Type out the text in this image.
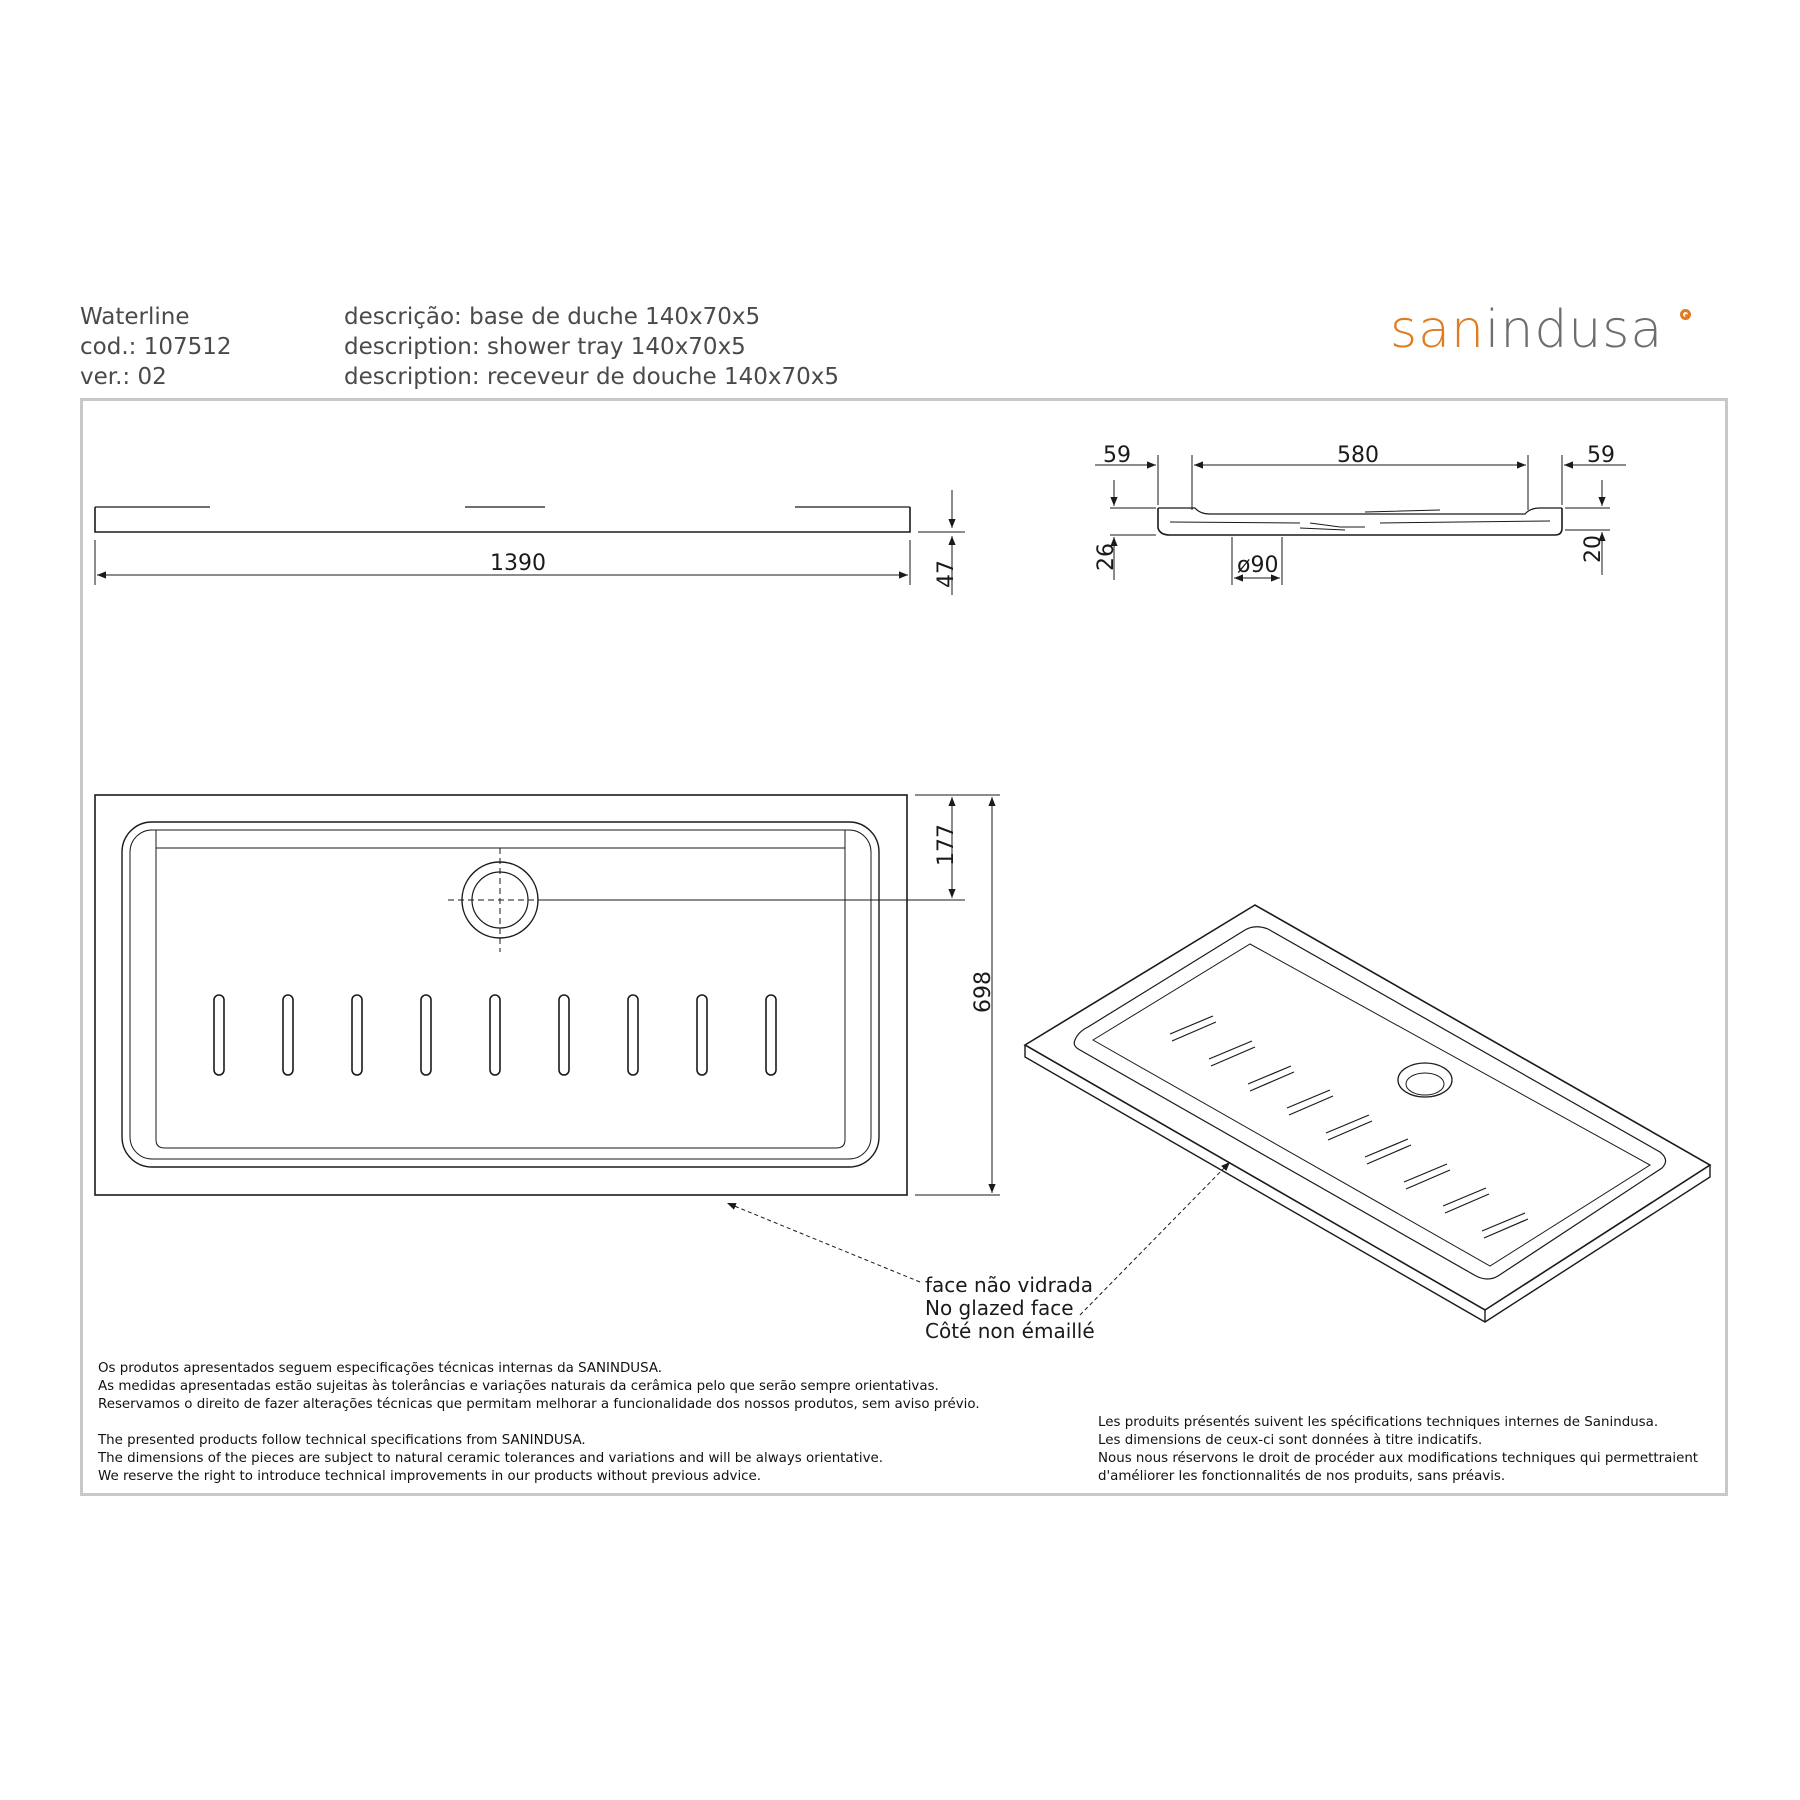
Waterline
cod.: 107512
ver.: 02
descrição: base de duche 140x70x5
description: shower tray 140x70x5
description: receveur de douche 140x70x5
sanindusa
1390	47
59	580	59
26	20
ø90
177
698
face não vidrada
No glazed face
Côté non émaillé
Os produtos apresentados seguem especificações técnicas internas da SANINDUSA.
As medidas apresentadas estão sujeitas às tolerâncias e variações naturais da cerâmica pelo que serão sempre orientativas.
Reservamos o direito de fazer alterações técnicas que permitam melhorar a funcionalidade dos nossos produtos, sem aviso prévio.
The presented products follow technical specifications from SANINDUSA.
The dimensions of the pieces are subject to natural ceramic tolerances and variations and will be always orientative.
We reserve the right to introduce technical improvements in our products without previous advice.
Les produits présentés suivent les spécifications techniques internes de Sanindusa.
Les dimensions de ceux-ci sont données à titre indicatifs.
Nous nous réservons le droit de procéder aux modifications techniques qui permettraient
d'améliorer les fonctionnalités de nos produits, sans préavis.
